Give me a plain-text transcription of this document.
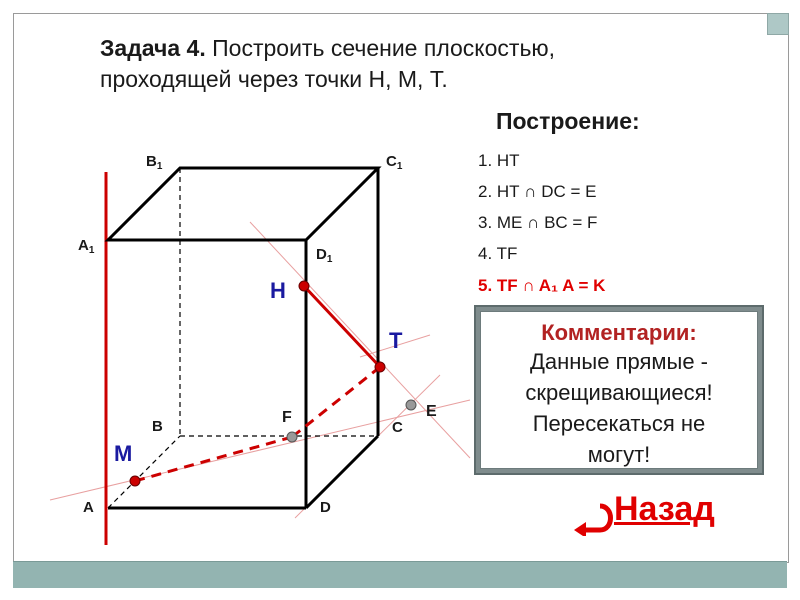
Задача 4. Построить сечение плоскостью,
проходящей через точки Н, М, Т.
Построение:
1. НТ
2. НТ ∩ DC = E
3. ME ∩ BC = F
4. TF
5. TF ∩ A₁ A = K
Комментарии:
Данные прямые -
скрещивающиеся!
Пересекаться не
могут!
Назад
A
B	C
D
$A_1$
$B_1$	$C_1$
$D_1$
H
T
M
F	E
